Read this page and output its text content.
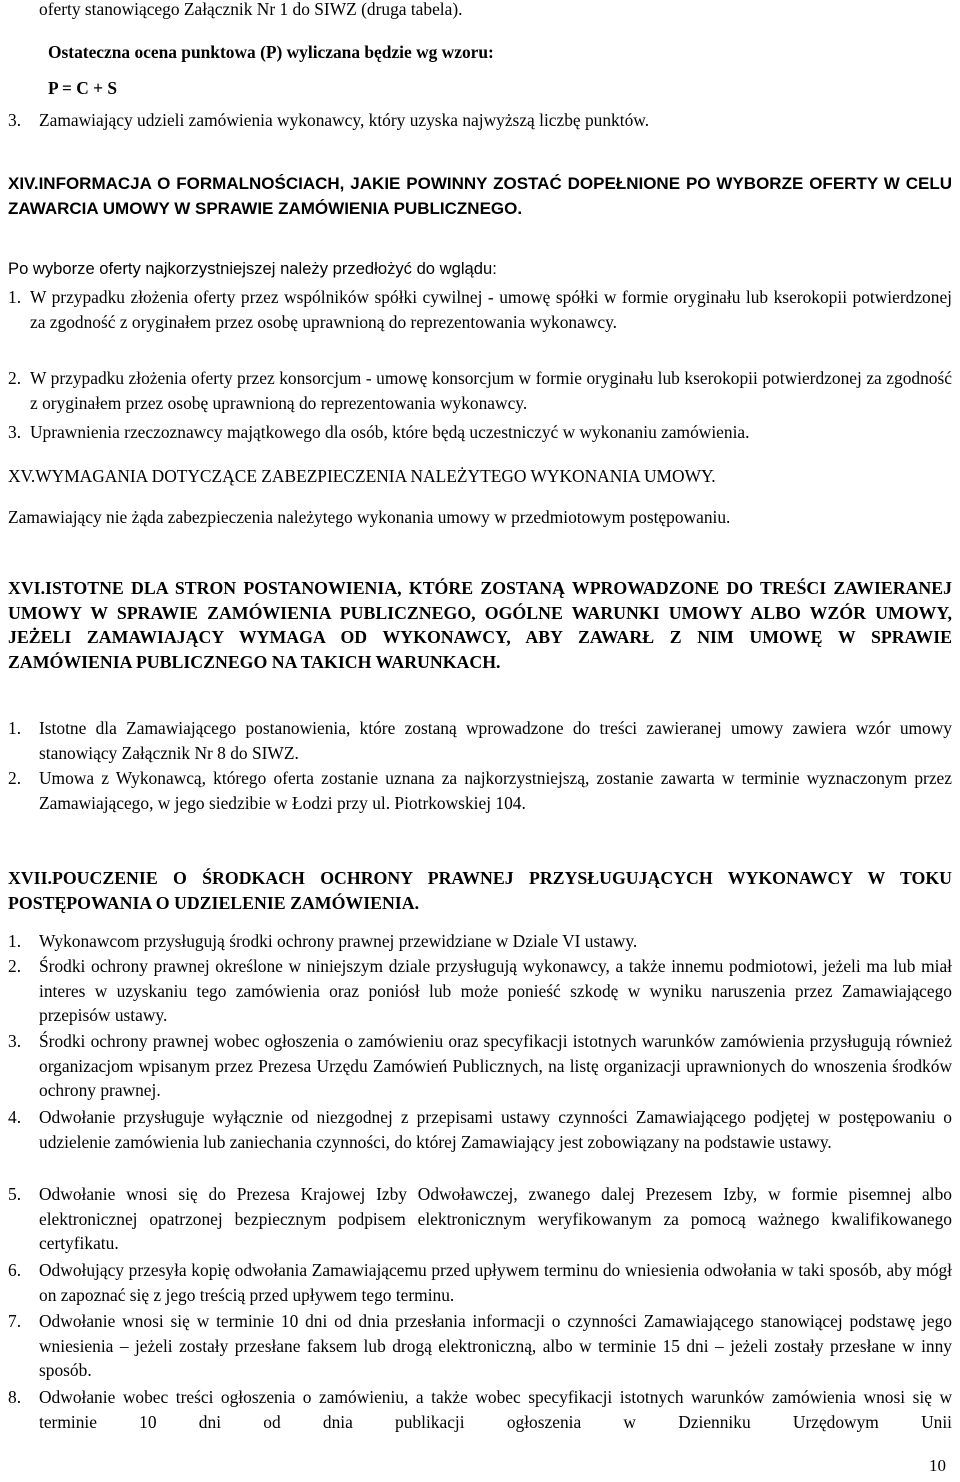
oferty stanowiącego Załącznik Nr 1 do SIWZ (druga tabela).
Ostateczna ocena punktowa (P) wyliczana będzie wg wzoru:
P = C + S
3. Zamawiający udzieli zamówienia wykonawcy, który uzyska najwyższą liczbę punktów.
XIV.INFORMACJA O FORMALNOŚCIACH, JAKIE POWINNY ZOSTAĆ DOPEŁNIONE PO WYBORZE OFERTY W CELU ZAWARCIA UMOWY W SPRAWIE ZAMÓWIENIA PUBLICZNEGO.
Po wyborze oferty najkorzystniejszej należy przedłożyć do wglądu:
1. W przypadku złożenia oferty przez wspólników spółki cywilnej - umowę spółki w formie oryginału lub kserokopii potwierdzonej za zgodność z oryginałem przez osobę uprawnioną do reprezentowania wykonawcy.
2. W przypadku złożenia oferty przez konsorcjum - umowę konsorcjum w formie oryginału lub kserokopii potwierdzonej za zgodność z oryginałem przez osobę uprawnioną do reprezentowania wykonawcy.
3. Uprawnienia rzeczoznawcy majątkowego dla osób, które będą uczestniczyć w wykonaniu zamówienia.
XV.WYMAGANIA DOTYCZĄCE ZABEZPIECZENIA NALEŻYTEGO WYKONANIA UMOWY.
Zamawiający nie żąda zabezpieczenia należytego wykonania umowy w przedmiotowym postępowaniu.
XVI.ISTOTNE DLA STRON POSTANOWIENIA, KTÓRE ZOSTANĄ WPROWADZONE DO TREŚCI ZAWIERANEJ UMOWY W SPRAWIE ZAMÓWIENIA PUBLICZNEGO, OGÓLNE WARUNKI UMOWY ALBO WZÓR UMOWY, JEŻELI ZAMAWIAJĄCY WYMAGA OD WYKONAWCY, ABY ZAWARŁ Z NIM UMOWĘ W SPRAWIE ZAMÓWIENIA PUBLICZNEGO NA TAKICH WARUNKACH.
1. Istotne dla Zamawiającego postanowienia, które zostaną wprowadzone do treści zawieranej umowy zawiera wzór umowy stanowiący Załącznik Nr 8 do SIWZ.
2. Umowa z Wykonawcą, którego oferta zostanie uznana za najkorzystniejszą, zostanie zawarta w terminie wyznaczonym przez Zamawiającego, w jego siedzibie w Łodzi przy ul. Piotrkowskiej 104.
XVII.POUCZENIE O ŚRODKACH OCHRONY PRAWNEJ PRZYSŁUGUJĄCYCH WYKONAWCY W TOKU POSTĘPOWANIA O UDZIELENIE ZAMÓWIENIA.
1. Wykonawcom przysługują środki ochrony prawnej przewidziane w Dziale VI ustawy.
2. Środki ochrony prawnej określone w niniejszym dziale przysługują wykonawcy, a także innemu podmiotowi, jeżeli ma lub miał interes w uzyskaniu tego zamówienia oraz poniósł lub może ponieść szkodę w wyniku naruszenia przez Zamawiającego przepisów ustawy.
3. Środki ochrony prawnej wobec ogłoszenia o zamówieniu oraz specyfikacji istotnych warunków zamówienia przysługują również organizacjom wpisanym przez Prezesa Urzędu Zamówień Publicznych, na listę organizacji uprawnionych do wnoszenia środków ochrony prawnej.
4. Odwołanie przysługuje wyłącznie od niezgodnej z przepisami ustawy czynności Zamawiającego podjętej w postępowaniu o udzielenie zamówienia lub zaniechania czynności, do której Zamawiający jest zobowiązany na podstawie ustawy.
5. Odwołanie wnosi się do Prezesa Krajowej Izby Odwoławczej, zwanego dalej Prezesem Izby, w formie pisemnej albo elektronicznej opatrzonej bezpiecznym podpisem elektronicznym weryfikowanym za pomocą ważnego kwalifikowanego certyfikatu.
6. Odwołujący przesyła kopię odwołania Zamawiającemu przed upływem terminu do wniesienia odwołania w taki sposób, aby mógł on zapoznać się z jego treścią przed upływem tego terminu.
7. Odwołanie wnosi się w terminie 10 dni od dnia przesłania informacji o czynności Zamawiającego stanowiącej podstawę jego wniesienia – jeżeli zostały przesłane faksem lub drogą elektroniczną, albo w terminie 15 dni – jeżeli zostały przesłane w inny sposób.
8. Odwołanie wobec treści ogłoszenia o zamówieniu, a także wobec specyfikacji istotnych warunków zamówienia wnosi się w terminie 10 dni od dnia publikacji ogłoszenia w Dzienniku Urzędowym Unii
10
